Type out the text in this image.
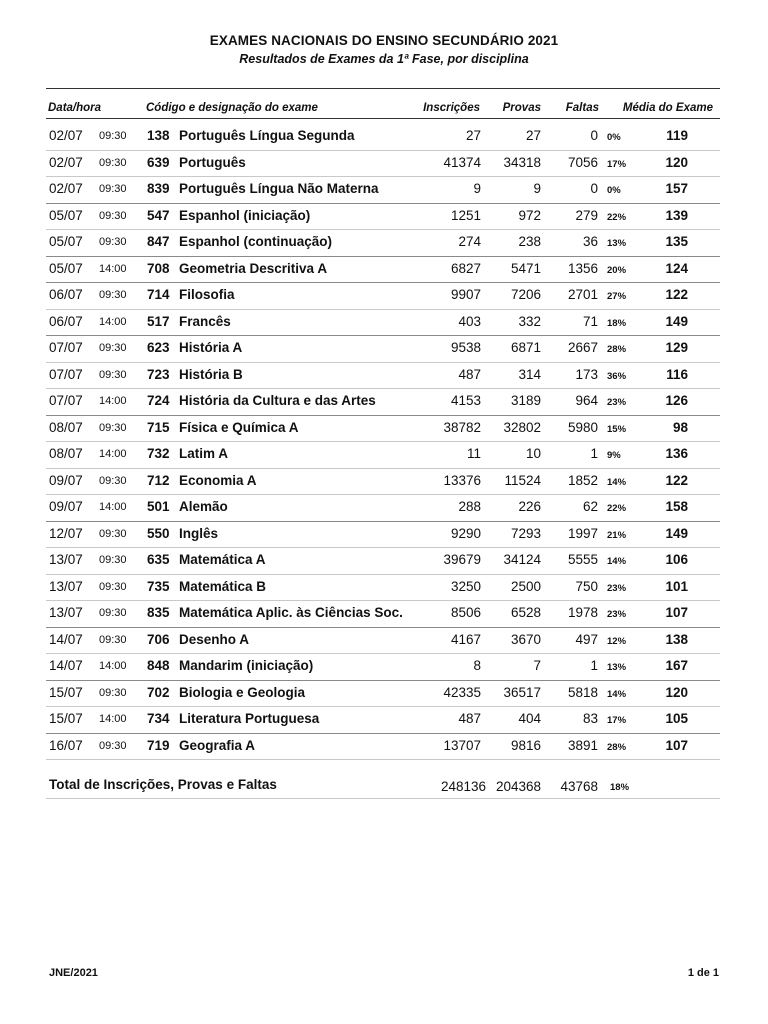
EXAMES NACIONAIS DO ENSINO SECUNDÁRIO 2021
Resultados de Exames da 1ª Fase, por disciplina
Data/hora	Código e designação do exame	Inscrições Provas Faltas Média do Exame
02/07 09:30 138 Português Língua Segunda	27	27	0 0%	119
02/07 09:30 639 Português	41374 34318 7056 17%	120
02/07 09:30 839 Português Língua Não Materna	9	9	0 0%	157
05/07 09:30 547 Espanhol (iniciação)	1251	972	279 22%	139
05/07 09:30 847 Espanhol (continuação)	274	238	36 13%	135
05/07 14:00 708 Geometria Descritiva A	6827 5471 1356 20%	124
06/07 09:30 714 Filosofia	9907 7206 2701 27%	122
06/07 14:00 517 Francês	403	332	71 18%	149
07/07 09:30 623 História A	9538 6871 2667 28%	129
07/07 09:30 723 História B	487	314	173 36%	116
07/07 14:00 724 História da Cultura e das Artes	4153 3189	964 23%	126
08/07 09:30 715 Física e Química A	38782 32802 5980 15%	98
08/07 14:00 732 Latim A	11	10	1 9%	136
09/07 09:30 712 Economia A	13376 11524 1852 14%	122
09/07 14:00 501 Alemão	288	226	62 22%	158
12/07 09:30 550 Inglês	9290 7293 1997 21%	149
13/07 09:30 635 Matemática A	39679 34124 5555 14%	106
13/07 09:30 735 Matemática B	3250 2500	750 23%	101
13/07 09:30 835 Matemática Aplic. às Ciências Soc.	8506 6528 1978 23%	107
14/07 09:30 706 Desenho A	4167 3670	497 12%	138
14/07 14:00 848 Mandarim (iniciação)	8	7	1 13%	167
15/07 09:30 702 Biologia e Geologia	42335 36517 5818 14%	120
15/07 14:00 734 Literatura Portuguesa	487	404	83 17%	105
16/07 09:30 719 Geografia A	13707 9816 3891 28%	107
Total de Inscrições, Provas e Faltas	248136 204368 43768 18%
JNE/2021	1 de 1
